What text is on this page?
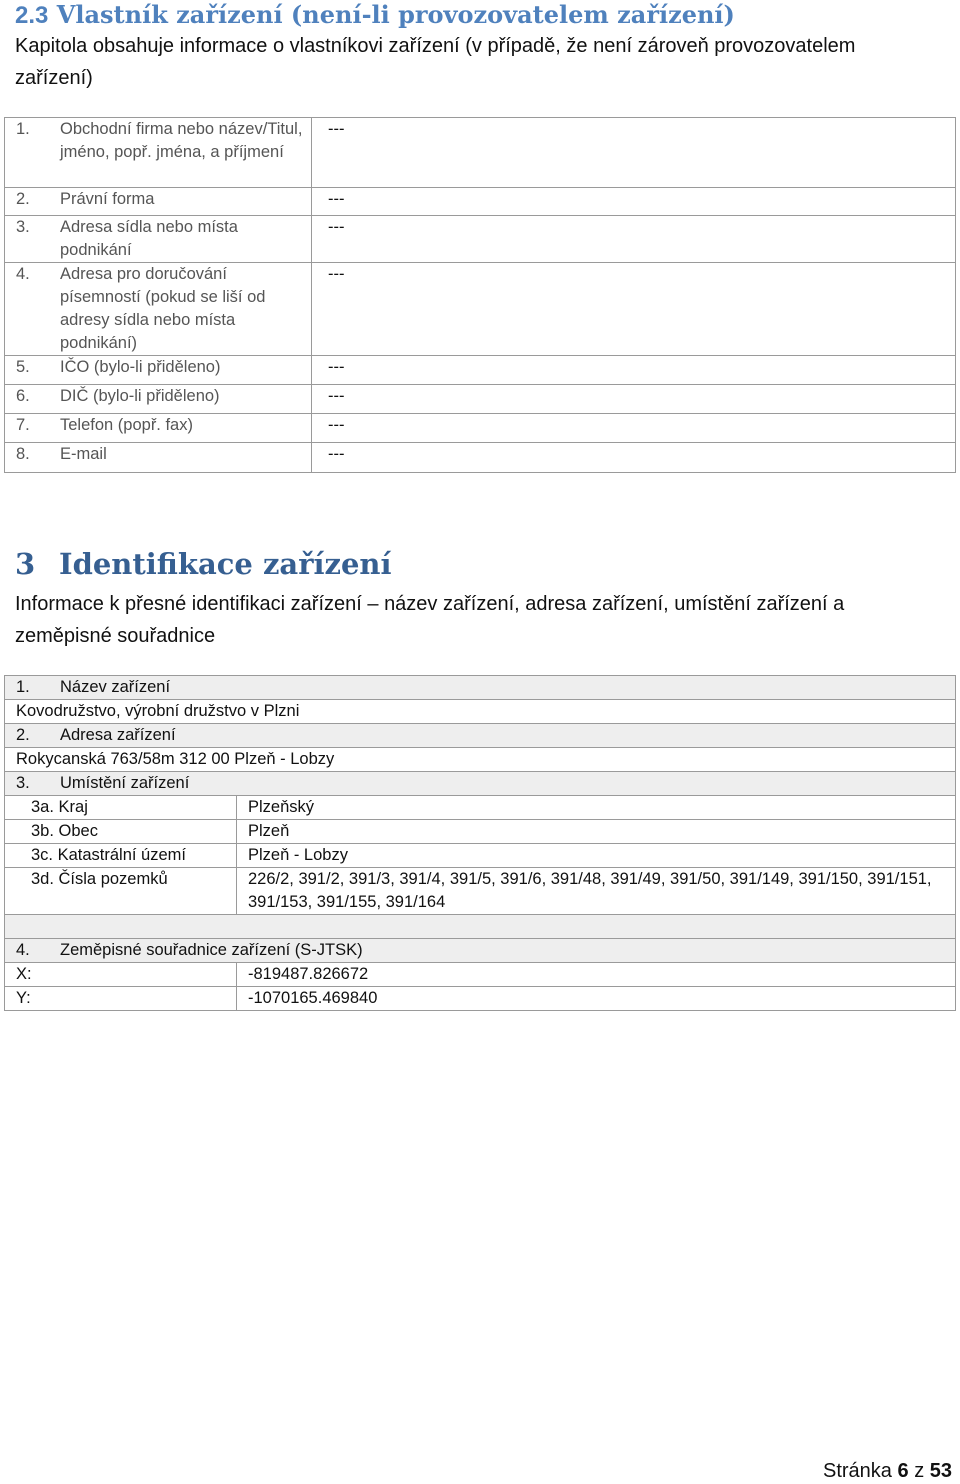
2.3 Vlastník zařízení (není-li provozovatelem zařízení)

Kapitola obsahuje informace o vlastníkovi zařízení (v případě, že není zároveň provozovatelem zařízení)

1. Obchodní firma nebo název/Titul, jméno, popř. jména, a příjmení	---

2. Právní forma	---

3. Adresa sídla nebo místa podnikání	---

4. Adresa pro doručování písemností (pokud se liší od adresy sídla nebo místa podnikání)	---

5. IČO (bylo-li přiděleno)	---

6. DIČ (bylo-li přiděleno)	---

7. Telefon (popř. fax)	---

8. E-mail	---
3 Identifikace zařízení

Informace k přesné identifikaci zařízení – název zařízení, adresa zařízení, umístění zařízení a zeměpisné souřadnice

1. Název zařízení	

Kovodružstvo, výrobní družstvo v Plzni	

2. Adresa zařízení	

Rokycanská 763/58m 312 00 Plzeň - Lobzy	

3. Umístění zařízení	

3a. Kraj	Plzeňský
3b. Obec	Plzeň
3c. Katastrální území	Plzeň - Lobzy
3d. Čísla pozemků	226/2, 391/2, 391/3, 391/4, 391/5, 391/6, 391/48, 391/49, 391/50, 391/149, 391/150, 391/151, 391/153, 391/155, 391/164

4. Zeměpisné souřadnice zařízení (S-JTSK)	

X:	-819487.826672
Y:	-1070165.469840
Stránka 6 z 53
